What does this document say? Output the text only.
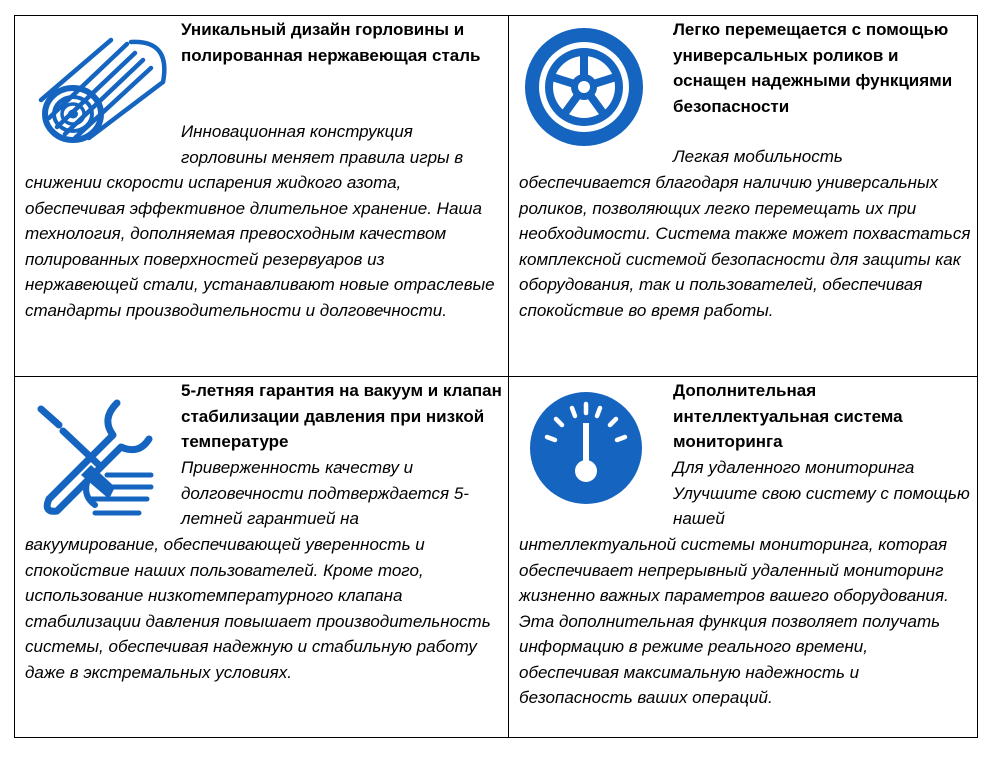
Уникальный дизайн горловины и полированная нержавеющая сталь

Инновационная конструкция горловины меняет правила игры в

снижении скорости испарения жидкого азота, обеспечивая эффективное длительное хранение. Наша технология, дополняемая превосходным качеством полированных поверхностей резервуаров из нержавеющей стали, устанавливают новые отраслевые стандарты производительности и долговечности.

Легко перемещается с помощью универсальных роликов и оснащен надежными функциями безопасности

Легкая мобильность

обеспечивается благодаря наличию универсальных роликов, позволяющих легко перемещать их при необходимости. Система также может похвастаться комплексной системой безопасности для защиты как оборудования, так и пользователей, обеспечивая спокойствие во время работы.

5-летняя гарантия на вакуум и клапан стабилизации давления при низкой температуре

Приверженность качеству и долговечности подтверждается 5-летней гарантией на

вакуумирование, обеспечивающей уверенность и спокойствие наших пользователей. Кроме того, использование низкотемпературного клапана стабилизации давления повышает производительность системы, обеспечивая надежную и стабильную работу даже в экстремальных условиях.

Дополнительная интеллектуальная система мониторинга

Для удаленного мониторинга Улучшите свою систему с помощью нашей

интеллектуальной системы мониторинга, которая обеспечивает непрерывный удаленный мониторинг жизненно важных параметров вашего оборудования. Эта дополнительная функция позволяет получать информацию в режиме реального времени, обеспечивая максимальную надежность и безопасность ваших операций.
